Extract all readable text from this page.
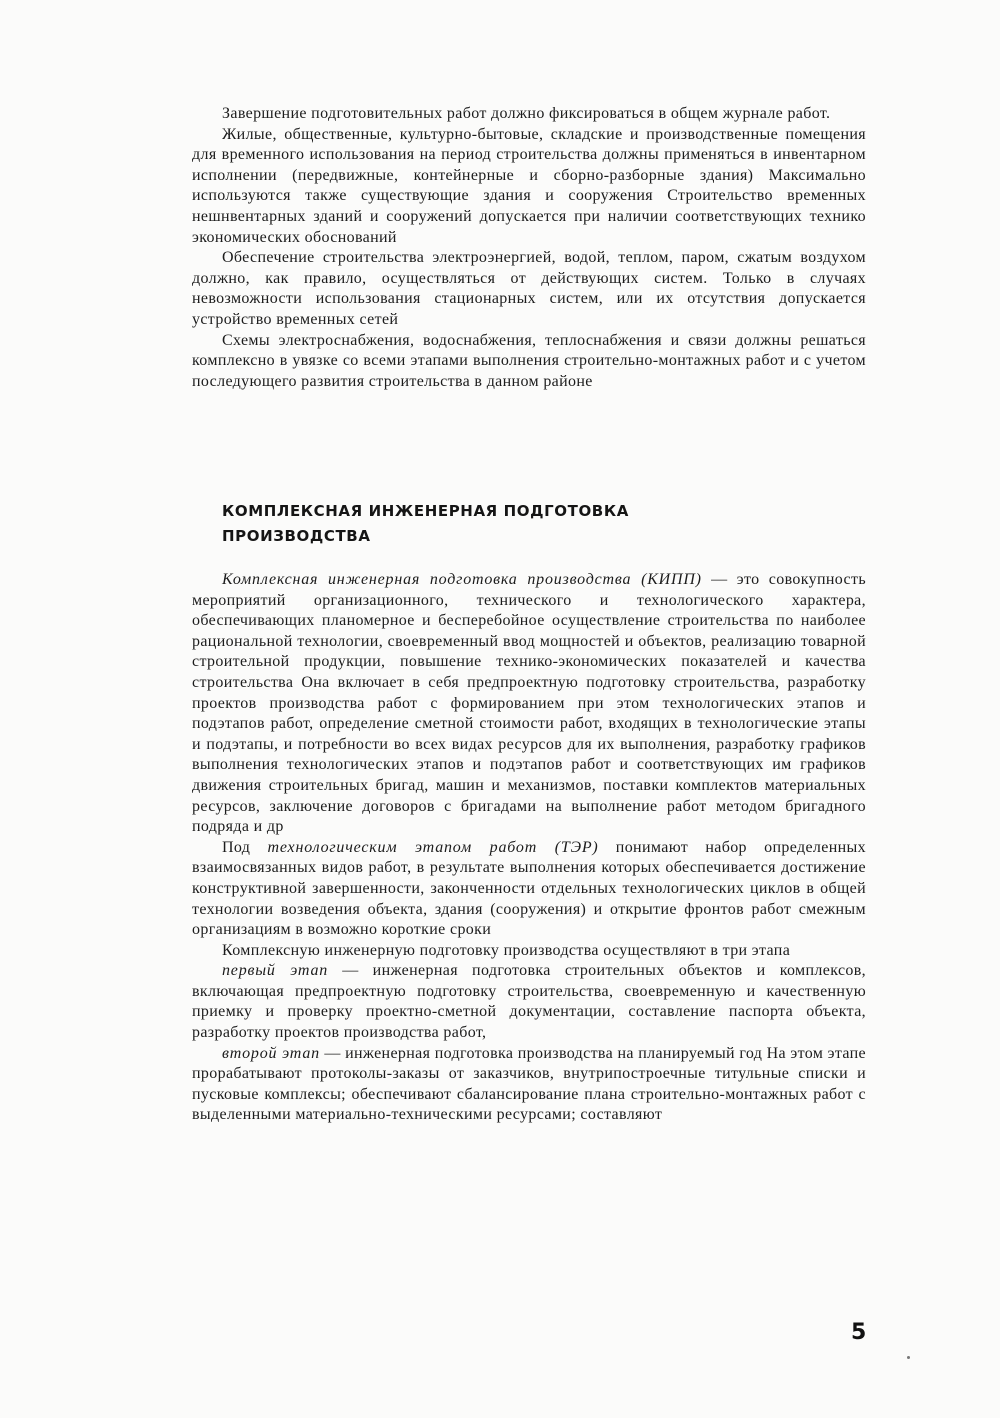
Завершение подготовительных работ должно фиксироваться в общем журнале работ.

Жилые, общественные, культурно-бытовые, складские и производственные помещения для временного использования на период строительства должны применяться в инвентарном исполнении (передвижные, контейнерные и сборно-разборные здания) Максимально используются также существующие здания и сооружения Строительство временных нешнвентарных зданий и сооружений допускается при наличии соответствующих технико экономических обоснований

Обеспечение строительства электроэнергией, водой, теплом, паром, сжатым воздухом должно, как правило, осуществляться от действующих систем. Только в случаях невозможности использования стационарных систем, или их отсутствия допускается устройство временных сетей

Схемы электроснабжения, водоснабжения, теплоснабжения и связи должны решаться комплексно в увязке со всеми этапами выполнения строительно-монтажных работ и с учетом последующего развития строительства в данном районе

КОМПЛЕКСНАЯ ИНЖЕНЕРНАЯ ПОДГОТОВКА
ПРОИЗВОДСТВА

Комплексная инженерная подготовка производства (КИПП) — это совокупность мероприятий организационного, технического и технологического характера, обеспечивающих планомерное и бесперебойное осуществление строительства по наиболее рациональной технологии, своевременный ввод мощностей и объектов, реализацию товарной строительной продукции, повышение технико-экономических показателей и качества строительства Она включает в себя предпроектную подготовку строительства, разработку проектов производства работ с формированием при этом технологических этапов и подэтапов работ, определение сметной стоимости работ, входящих в технологические этапы и подэтапы, и потребности во всех видах ресурсов для их выполнения, разработку графиков выполнения технологических этапов и подэтапов работ и соответствующих им графиков движения строительных бригад, машин и механизмов, поставки комплектов материальных ресурсов, заключение договоров с бригадами на выполнение работ методом бригадного подряда и др

Под технологическим этапом работ (ТЭР) понимают набор определенных взаимосвязанных видов работ, в результате выполнения которых обеспечивается достижение конструктивной завершенности, законченности отдельных технологических циклов в общей технологии возведения объекта, здания (сооружения) и открытие фронтов работ смежным организациям в возможно короткие сроки

Комплексную инженерную подготовку производства осуществляют в три этапа

первый этап — инженерная подготовка строительных объектов и комплексов, включающая предпроектную подготовку строительства, своевременную и качественную приемку и проверку проектно-сметной документации, составление паспорта объекта, разработку проектов производства работ,

второй этап — инженерная подготовка производства на планируемый год На этом этапе прорабатывают протоколы-заказы от заказчиков, внутрипостроечные титульные списки и пусковые комплексы; обеспечивают сбалансирование плана строительно-монтажных работ с выделенными материально-техническими ресурсами; составляют

5
